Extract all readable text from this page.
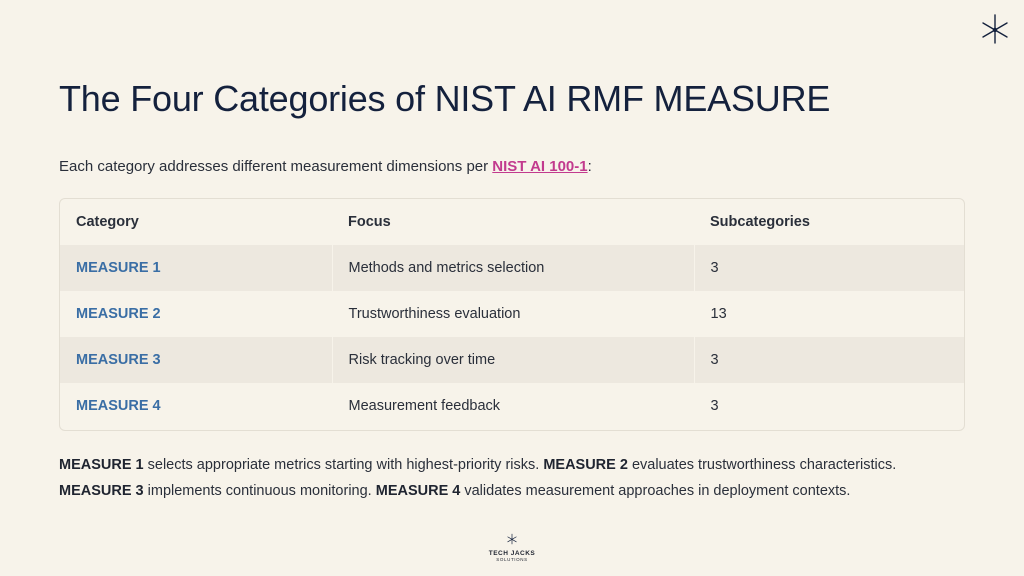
The Four Categories of NIST AI RMF MEASURE

Each category addresses different measurement dimensions per NIST AI 100-1:

Category	Focus	Subcategories
MEASURE 1	Methods and metrics selection	3
MEASURE 2	Trustworthiness evaluation	13
MEASURE 3	Risk tracking over time	3
MEASURE 4	Measurement feedback	3

MEASURE 1 selects appropriate metrics starting with highest-priority risks. MEASURE 2 evaluates trustworthiness characteristics.
MEASURE 3 implements continuous monitoring. MEASURE 4 validates measurement approaches in deployment contexts.

TECH JACKS
SOLUTIONS
